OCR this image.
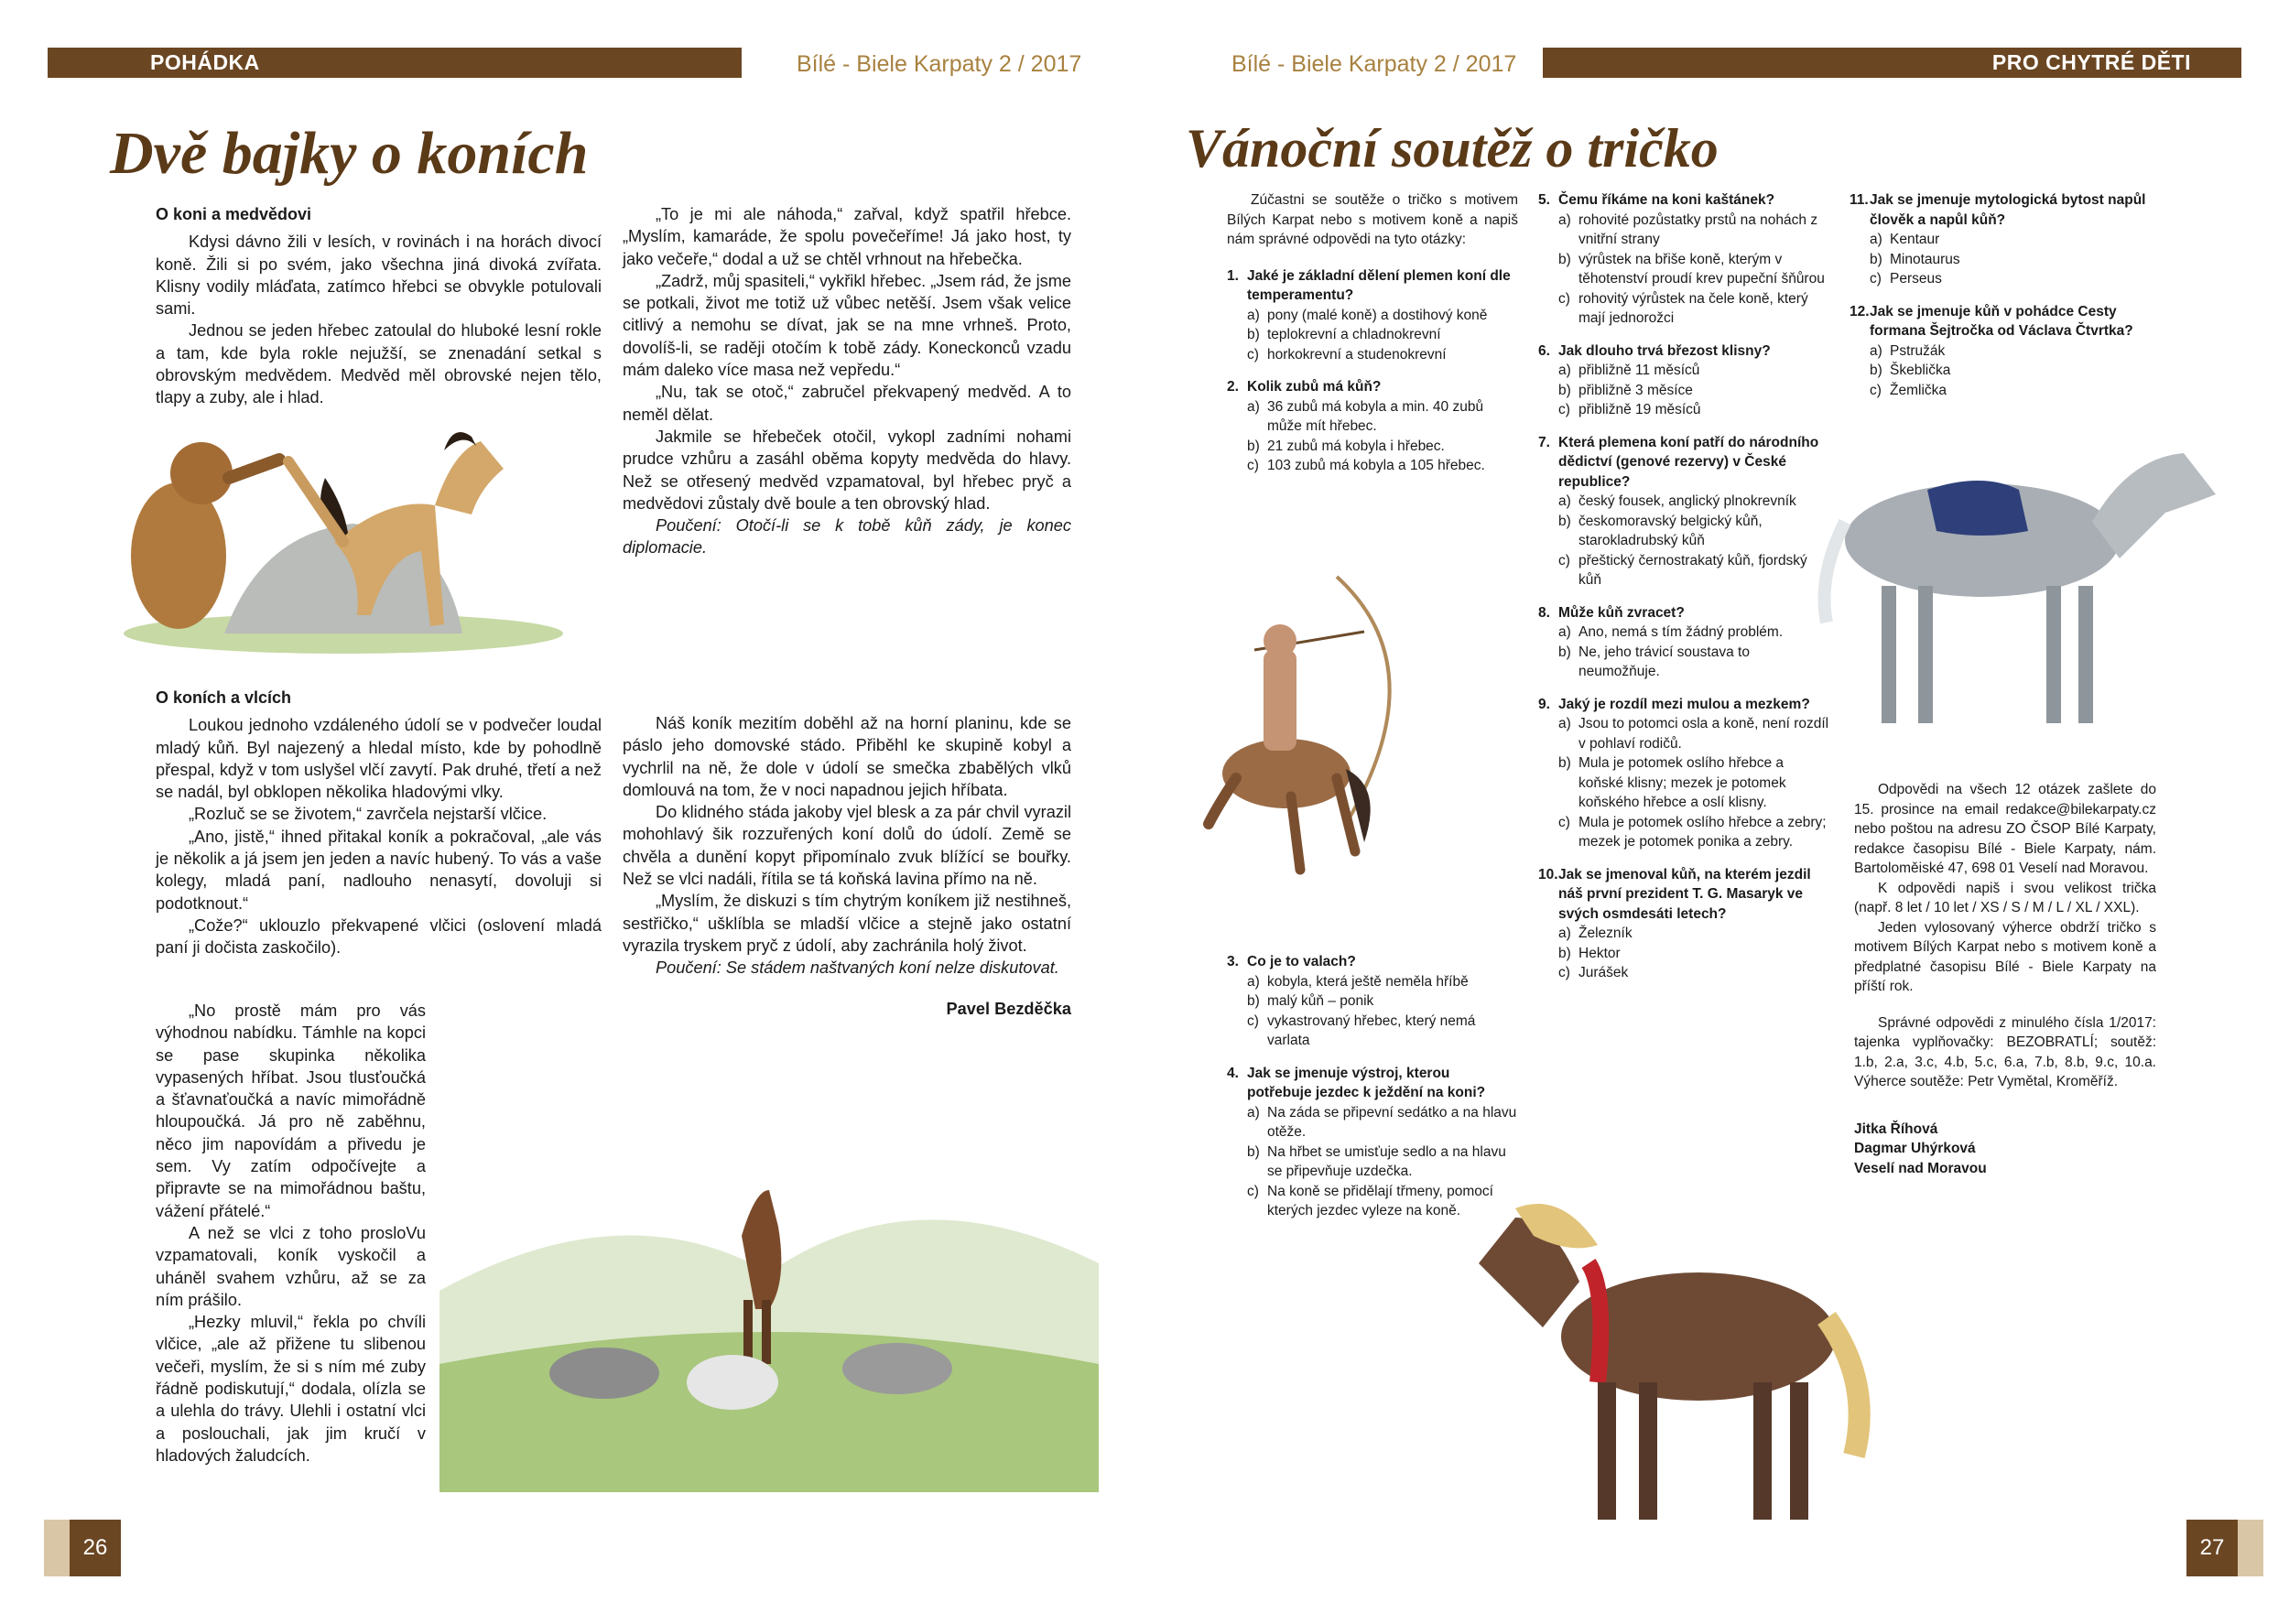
POHÁDKA	Bílé - Biele Karpaty 2 / 2017
Dvě bajky o koních
O koni a medvědovi

Kdysi dávno žili v lesích, v rovinách i na horách divocí koně. Žili si po svém, jako všechna jiná divoká zvířata. Klisny vodily mláďata, zatímco hřebci se obvykle potulovali sami.

Jednou se jeden hřebec zatoulal do hluboké lesní rokle a tam, kde byla rokle nejužší, se znenadání setkal s obrovským medvědem. Medvěd měl obrovské nejen tělo, tlapy a zuby, ale i hlad.

„To je mi ale náhoda,“ zařval, když spatřil hřebce. „Myslím, kamaráde, že spolu povečeříme! Já jako host, ty jako večeře,“ dodal a už se chtěl vrhnout na hřebečka.

„Zadrž, můj spasiteli,“ vykřikl hřebec. „Jsem rád, že jsme se potkali, život me totiž už vůbec netěší. Jsem však velice citlivý a nemohu se dívat, jak se na mne vrhneš. Proto, dovolíš-li, se raději otočím k tobě zády. Koneckonců vzadu mám daleko více masa než vepředu.“

„Nu, tak se otoč,“ zabručel překvapený medvěd. A to neměl dělat.

Jakmile se hřebeček otočil, vykopl zadními nohami prudce vzhůru a zasáhl oběma kopyty medvěda do hlavy. Než se otřesený medvěd vzpamatoval, byl hřebec pryč a medvědovi zůstaly dvě boule a ten obrovský hlad.

Poučení: Otočí-li se k tobě kůň zády, je konec diplomacie.

O koních a vlcích

Loukou jednoho vzdáleného údolí se v podvečer loudal mladý kůň. Byl najezený a hledal místo, kde by pohodlně přespal, když v tom uslyšel vlčí zavytí. Pak druhé, třetí a než se nadál, byl obklopen několika hladovými vlky.

„Rozluč se se životem,“ zavrčela nejstarší vlčice.

„Ano, jistě,“ ihned přitakal koník a pokračoval, „ale vás je několik a já jsem jen jeden a navíc hubený. To vás a vaše kolegy, mladá paní, nadlouho nenasytí, dovoluji si podotknout.“

„Cože?“ uklouzlo překvapené vlčici (oslovení mladá paní ji dočista zaskočilo).

„No prostě mám pro vás výhodnou nabídku. Támhle na kopci se pase skupinka několika vypasených hříbat. Jsou tlusťoučká a šťavnaťoučká a navíc mimořádně hloupoučká. Já pro ně zaběhnu, něco jim napovídám a přivedu je sem. Vy zatím odpočívejte a připravte se na mimořádnou baštu, vážení přátelé.“

A než se vlci z toho prosloVu vzpamatovali, koník vyskočil a uháněl svahem vzhůru, až se za ním prášilo.

„Hezky mluvil,“ řekla po chvíli vlčice, „ale až přižene tu slibenou večeři, myslím, že si s ním mé zuby řádně podiskutují,“ dodala, olízla se a ulehla do trávy. Ulehli i ostatní vlci a poslouchali, jak jim kručí v hladových žaludcích.

Náš koník mezitím doběhl až na horní planinu, kde se páslo jeho domovské stádo. Přiběhl ke skupině kobyl a vychrlil na ně, že dole v údolí se smečka zbabělých vlků domlouvá na tom, že v noci napadnou jejich hříbata.

Do klidného stáda jakoby vjel blesk a za pár chvil vyrazil mohohlavý šik rozzuřených koní dolů do údolí. Země se chvěla a dunění kopyt připomínalo zvuk blížící se bouřky. Než se vlci nadáli, řítila se tá koňská lavina přímo na ně.

„Myslím, že diskuzi s tím chytrým koníkem již nestihneš, sestřičko,“ ušklíbla se mladší vlčice a stejně jako ostatní vyrazila tryskem pryč z údolí, aby zachránila holý život.

Poučení: Se stádem naštvaných koní nelze diskutovat.

Pavel Bezděčka

26
Bílé - Biele Karpaty 2 / 2017	PRO CHYTRÉ DĚTI
Vánoční soutěž o tričko

Zúčastni se soutěže o tričko s motivem Bílých Karpat nebo s motivem koně a napiš nám správné odpovědi na tyto otázky:

1. Jaké je základní dělení plemen koní dle temperamentu?
a) pony (malé koně) a dostihový koně
b) teplokrevní a chladnokrevní
c) horkokrevní a studenokrevní
2. Kolik zubů má kůň?
a) 36 zubů má kobyla a min. 40 zubů může mít hřebec.
b) 21 zubů má kobyla i hřebec.
c) 103 zubů má kobyla a 105 hřebec.
3. Co je to valach?
a) kobyla, která ještě neměla hříbě
b) malý kůň – ponik
c) vykastrovaný hřebec, který nemá varlata
4. Jak se jmenuje výstroj, kterou potřebuje jezdec k ježdění na koni?
a) Na záda se připevní sedátko a na hlavu otěže.
b) Na hřbet se umisťuje sedlo a na hlavu se připevňuje uzdečka.
c) Na koně se přidělají třmeny, pomocí kterých jezdec vyleze na koně.
5. Čemu říkáme na koni kaštánek?
a) rohovité pozůstatky prstů na nohách z vnitřní strany
b) výrůstek na břiše koně, kterým v těhotenství proudí krev pupeční šňůrou
c) rohovitý výrůstek na čele koně, který mají jednorožci
6. Jak dlouho trvá březost klisny?
a) přibližně 11 měsíců
b) přibližně 3 měsíce
c) přibližně 19 měsíců
7. Která plemena koní patří do národního dědictví (genové rezervy) v České republice?
a) český fousek, anglický plnokrevník
b) českomoravský belgický kůň, starokladrubský kůň
c) přeštický černostrakatý kůň, fjordský kůň
8. Může kůň zvracet?
a) Ano, nemá s tím žádný problém.
b) Ne, jeho trávicí soustava to neumožňuje.
9. Jaký je rozdíl mezi mulou a mezkem?
a) Jsou to potomci osla a koně, není rozdíl v pohlaví rodičů.
b) Mula je potomek oslího hřebce a koňské klisny; mezek je potomek koňského hřebce a oslí klisny.
c) Mula je potomek oslího hřebce a zebry; mezek je potomek ponika a zebry.
10. Jak se jmenoval kůň, na kterém jezdil náš první prezident T. G. Masaryk ve svých osmdesáti letech?
a) Železník
b) Hektor
c) Jurášek
11. Jak se jmenuje mytologická bytost napůl člověk a napůl kůň?
a) Kentaur
b) Minotaurus
c) Perseus
12. Jak se jmenuje kůň v pohádce Cesty formana Šejtročka od Václava Čtvrtka?
a) Pstružák
b) Škeblička
c) Žemlička

Odpovědi na všech 12 otázek zašlete do 15. prosince na email redakce@bilekarpaty.cz nebo poštou na adresu ZO ČSOP Bílé Karpaty, redakce časopisu Bílé - Biele Karpaty, nám. Bartoloměiské 47, 698 01 Veselí nad Moravou.

K odpovědi napiš i svou velikost trička (např. 8 let / 10 let / XS / S / M / L / XL / XXL).

Jeden vylosovaný výherce obdrží tričko s motivem Bílých Karpat nebo s motivem koně a předplatné časopisu Bílé - Biele Karpaty na příští rok.

Správné odpovědi z minulého čísla 1/2017: tajenka vyplňovačky: BEZOBRATLÍ; soutěž: 1.b, 2.a, 3.c, 4.b, 5.c, 6.a, 7.b, 8.b, 9.c, 10.a. Výherce soutěže: Petr Vymětal, Kroměříž.

Jitka Říhová

Dagmar Uhýrková

Veselí nad Moravou

27
